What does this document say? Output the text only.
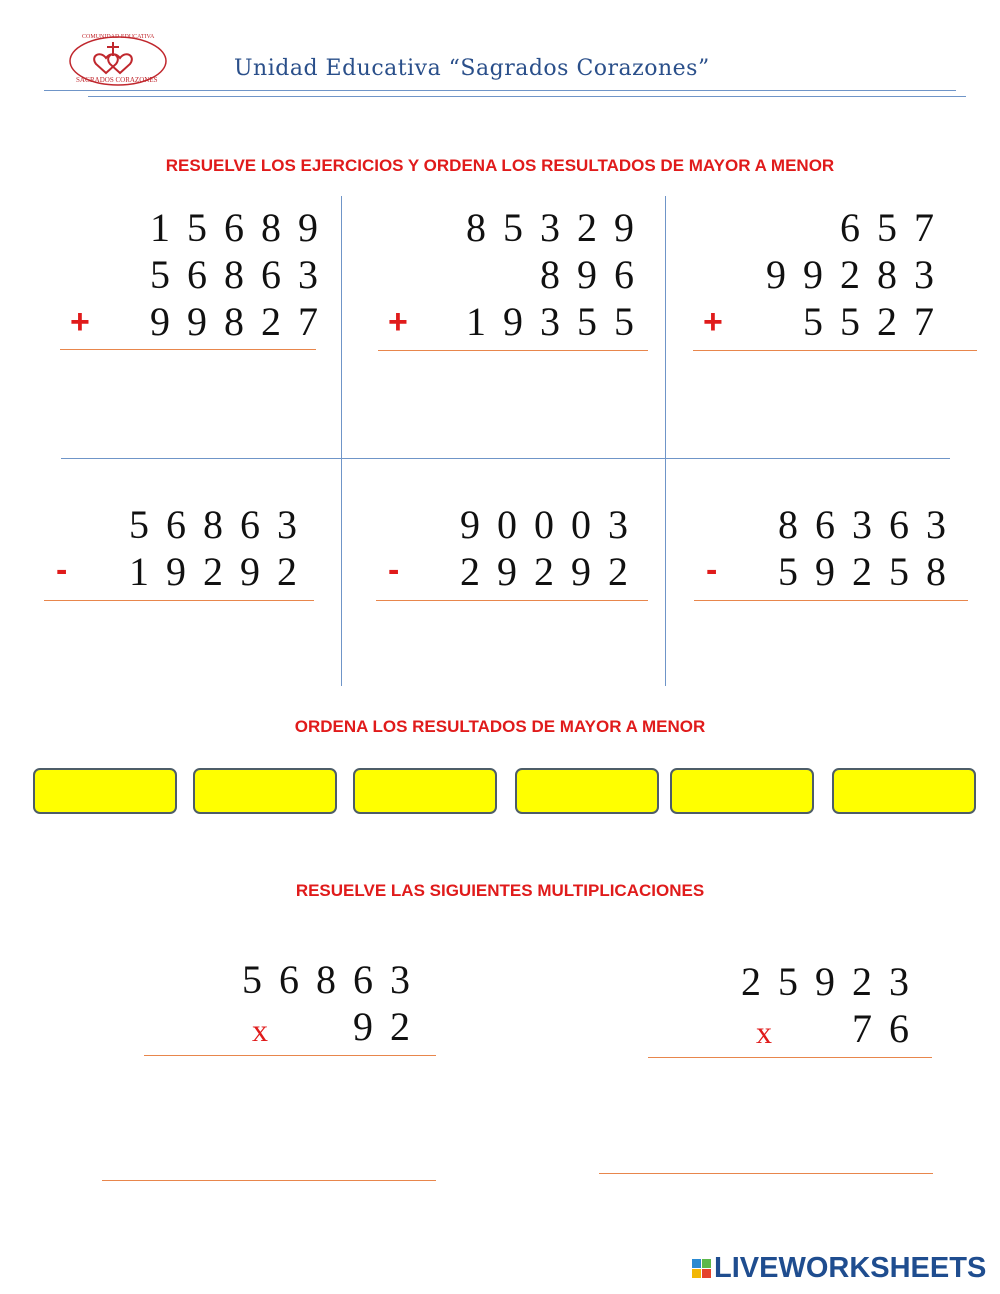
COMUNIDAD EDUCATIVA
SAGRADOS CORAZONES	Unidad Educativa “Sagrados Corazones”
RESUELVE LOS EJERCICIOS Y ORDENA LOS RESULTADOS DE MAYOR A MENOR
15689
56863
+ 99827
85329
896
+ 19355
657
99283
+ 5527
56863
- 19292
90003
- 29292
86363
- 59258
ORDENA LOS RESULTADOS DE MAYOR A MENOR
RESUELVE LAS SIGUIENTES MULTIPLICACIONES
56863
x 92
25923
x 76
LIVEWORKSHEETS
